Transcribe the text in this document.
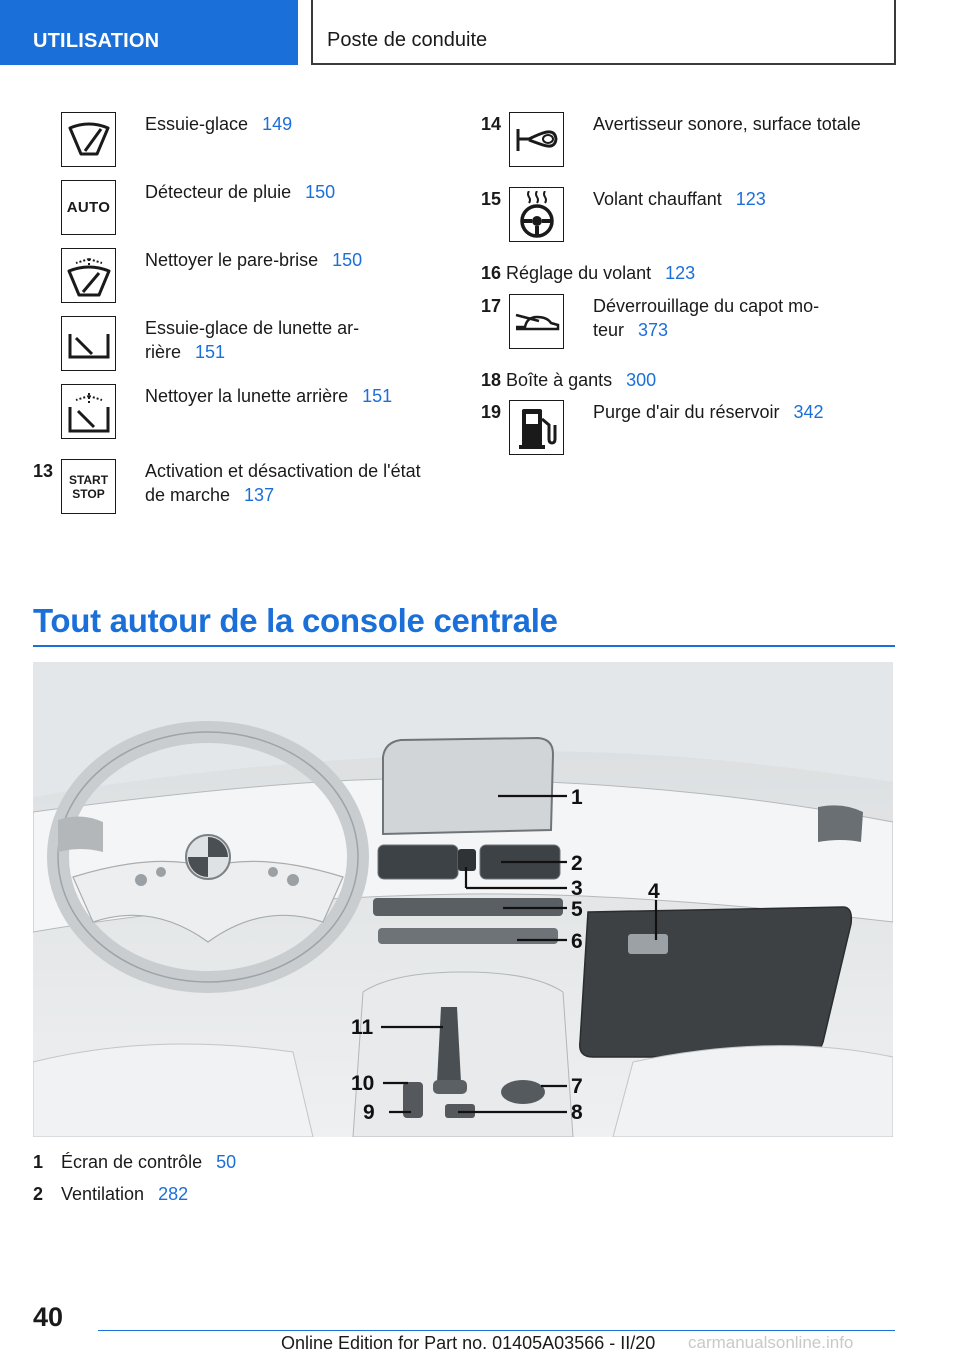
UTILISATION	Poste de conduite
Essuie-glace 149
AUTO
Détecteur de pluie 150
Nettoyer le pare-brise 150
Essuie-glace de lunette ar-
rière 151
Nettoyer la lunette arrière 151
13 START
STOP
Activation et désactivation de l'état
de marche 137
14	Avertisseur sonore, surface totale
15	Volant chauffant 123
16 Réglage du volant 123
17	Déverrouillage du capot mo-
teur 373
18 Boîte à gants 300
19	Purge d'air du réservoir 342
Tout autour de la console centrale
1
2
3	4
5
6
7
8
9
10
11
1 Écran de contrôle 50
2 Ventilation 282
40
Online Edition for Part no. 01405A03566 - II/20 carmanualsonline.info
